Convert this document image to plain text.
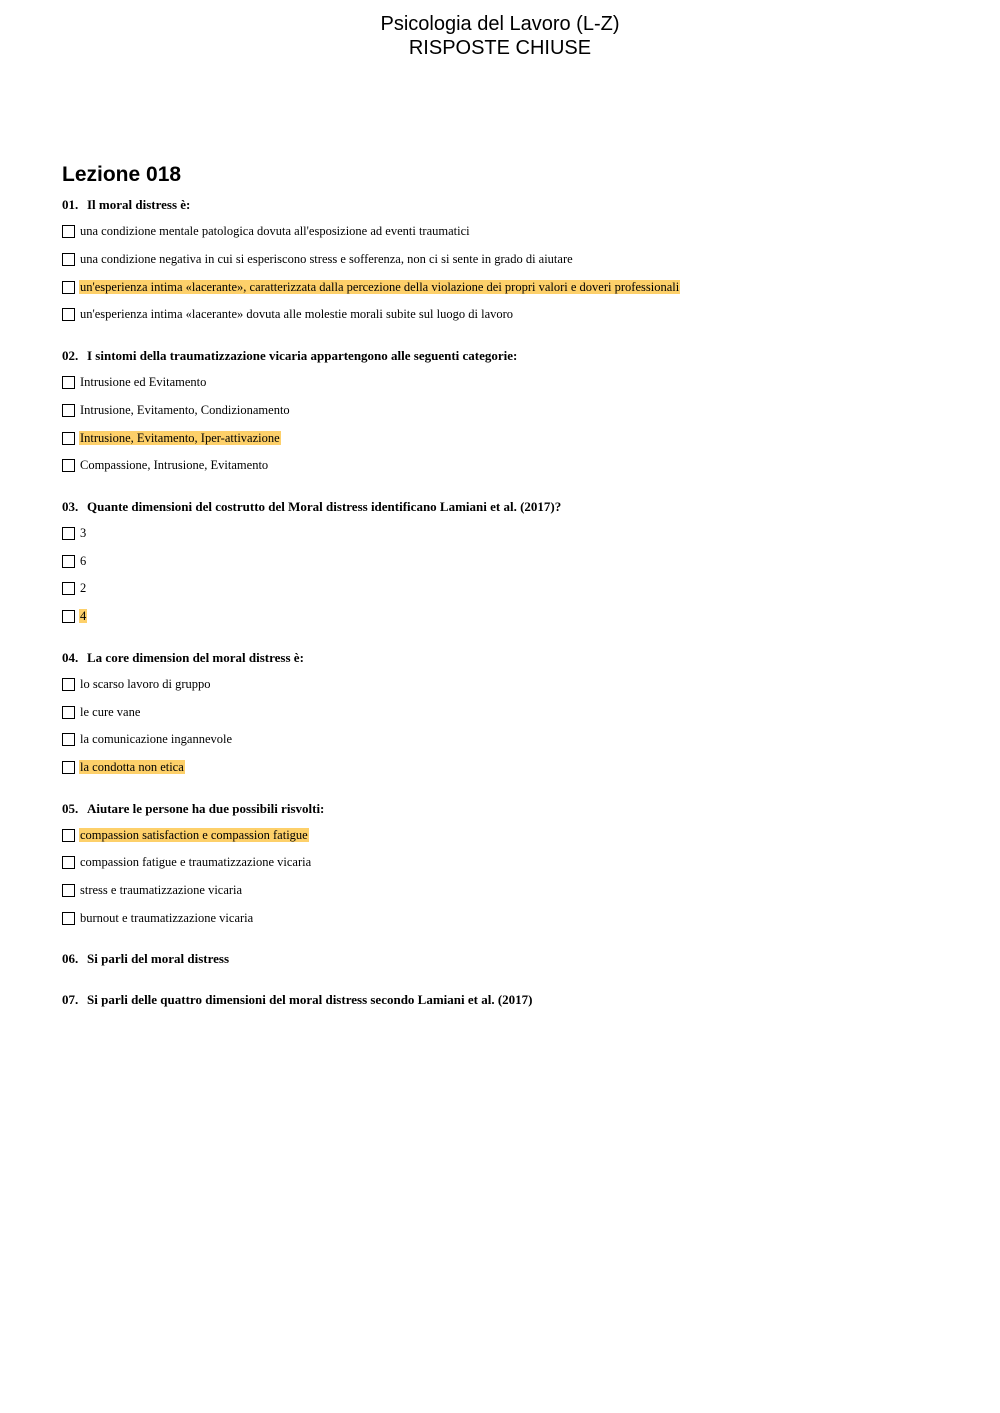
Psicologia del Lavoro (L-Z)
RISPOSTE CHIUSE
Lezione 018
01. Il moral distress è:
una condizione mentale patologica dovuta all'esposizione ad eventi traumatici
una condizione negativa in cui si esperiscono stress e sofferenza, non ci si sente in grado di aiutare
un'esperienza intima «lacerante», caratterizzata dalla percezione della violazione dei propri valori e doveri professionali
un'esperienza intima «lacerante» dovuta alle molestie morali subite sul luogo di lavoro
02. I sintomi della traumatizzazione vicaria appartengono alle seguenti categorie:
Intrusione ed Evitamento
Intrusione, Evitamento, Condizionamento
Intrusione, Evitamento, Iper-attivazione
Compassione, Intrusione, Evitamento
03. Quante dimensioni del costrutto del Moral distress identificano Lamiani et al. (2017)?
3
6
2
4
04. La core dimension del moral distress è:
lo scarso lavoro di gruppo
le cure vane
la comunicazione ingannevole
la condotta non etica
05. Aiutare le persone ha due possibili risvolti:
compassion satisfaction e compassion fatigue
compassion fatigue e traumatizzazione vicaria
stress e traumatizzazione vicaria
burnout e traumatizzazione vicaria
06. Si parli del moral distress
07. Si parli delle quattro dimensioni del moral distress secondo Lamiani et al. (2017)
